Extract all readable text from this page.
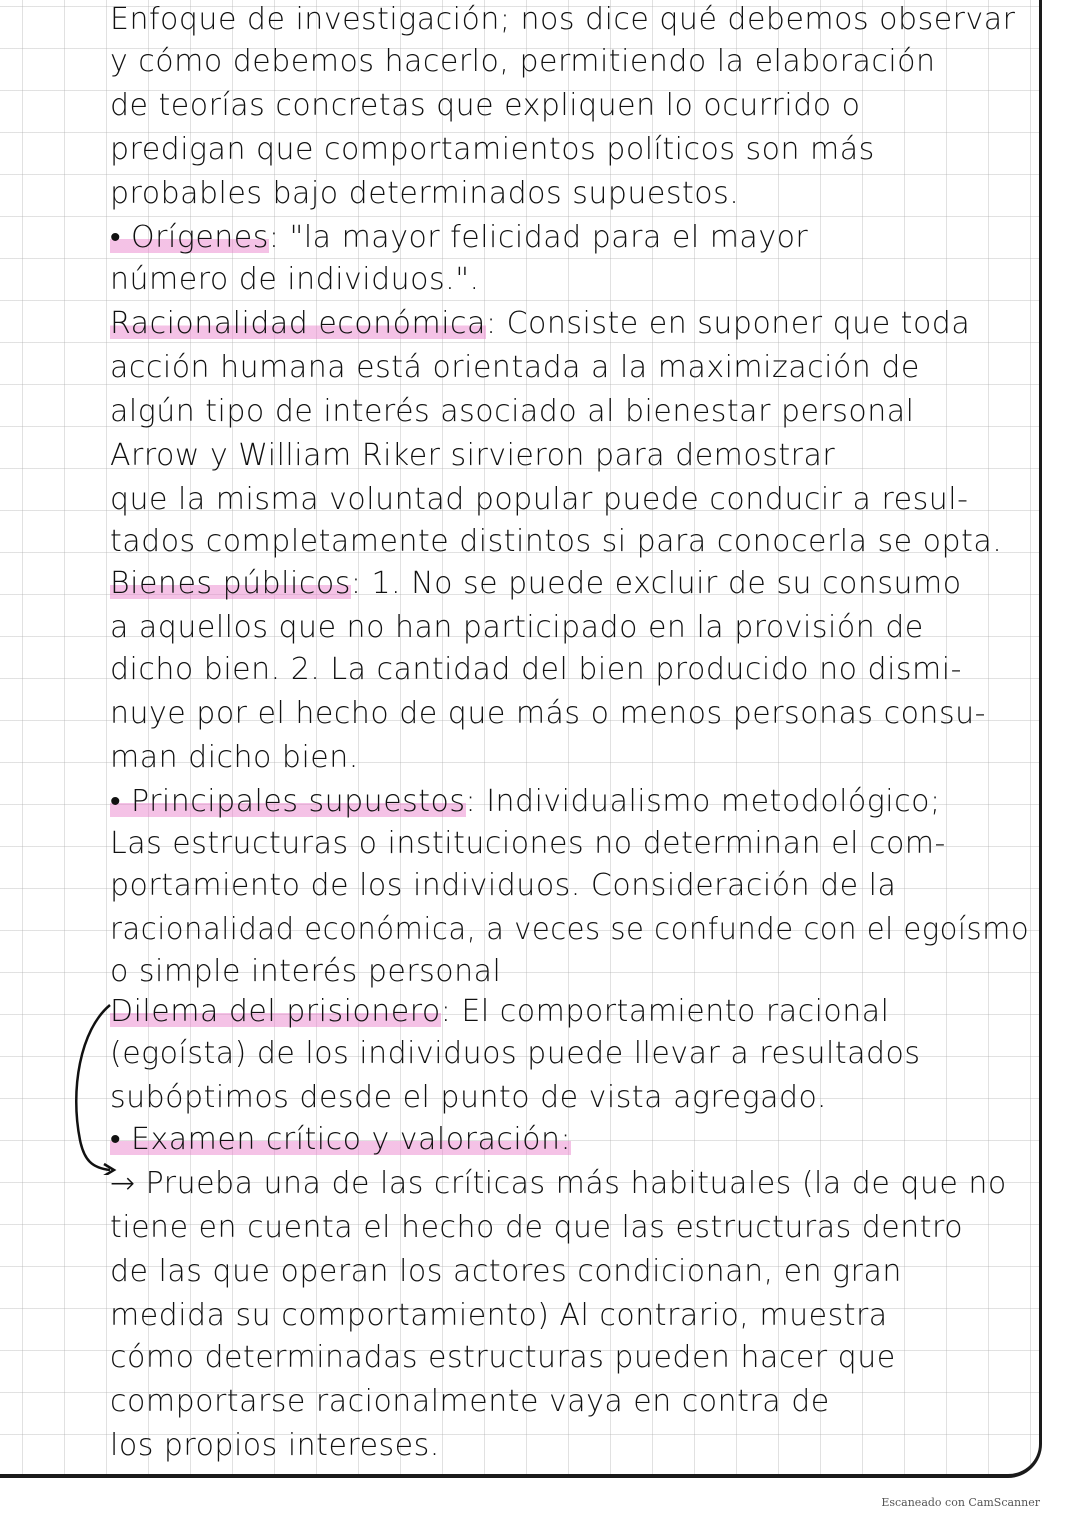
Enfoque de investigación; nos dice qué debemos observar
y cómo debemos hacerlo, permitiendo la elaboración
de teorías concretas que expliquen lo ocurrido o
predigan que comportamientos políticos son más
probables bajo determinados supuestos.
• Orígenes: "la mayor felicidad para el mayor
número de individuos.".
Racionalidad económica: Consiste en suponer que toda
acción humana está orientada a la maximización de
algún tipo de interés asociado al bienestar personal
Arrow y William Riker sirvieron para demostrar
que la misma voluntad popular puede conducir a resul-
tados completamente distintos si para conocerla se opta.
Bienes públicos: 1. No se puede excluir de su consumo
a aquellos que no han participado en la provisión de
dicho bien. 2. La cantidad del bien producido no dismi-
nuye por el hecho de que más o menos personas consu-
man dicho bien.
• Principales supuestos: Individualismo metodológico;
Las estructuras o instituciones no determinan el com-
portamiento de los individuos. Consideración de la
racionalidad económica, a veces se confunde con el egoísmo
o simple interés personal
Dilema del prisionero: El comportamiento racional
(egoísta) de los individuos puede llevar a resultados
subóptimos desde el punto de vista agregado.
• Examen crítico y valoración:
→ Prueba una de las críticas más habituales (la de que no
tiene en cuenta el hecho de que las estructuras dentro
de las que operan los actores condicionan, en gran
medida su comportamiento) Al contrario, muestra
cómo determinadas estructuras pueden hacer que
comportarse racionalmente vaya en contra de
los propios intereses.
Escaneado con CamScanner
